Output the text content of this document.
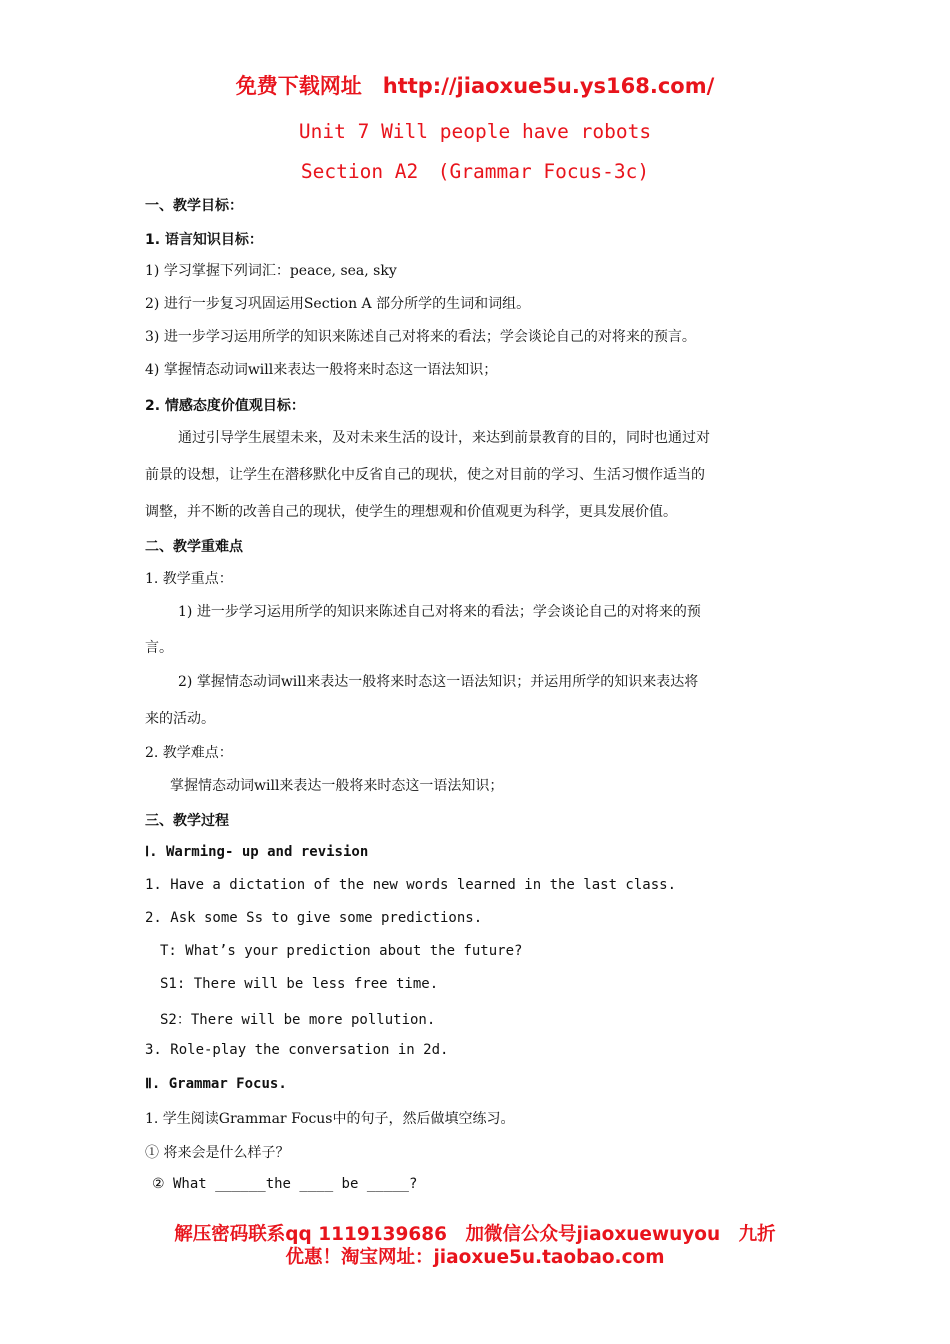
免费下载网址　http://jiaoxue5u.ys168.com/
Unit 7 Will people have robots
Section A2　(Grammar Focus-3c)
一、教学目标：
1. 语言知识目标：
1) 学习掌握下列词汇：peace, sea, sky
2) 进行一步复习巩固运用Section A 部分所学的生词和词组。
3) 进一步学习运用所学的知识来陈述自己对将来的看法；学会谈论自己的对将来的预言。
4) 掌握情态动词will来表达一般将来时态这一语法知识；
2. 情感态度价值观目标：
通过引导学生展望未来，及对未来生活的设计，来达到前景教育的目的，同时也通过对
前景的设想，让学生在潜移默化中反省自己的现状，使之对目前的学习、生活习惯作适当的
调整，并不断的改善自己的现状，使学生的理想观和价值观更为科学，更具发展价值。
二、教学重难点
1. 教学重点：
1) 进一步学习运用所学的知识来陈述自己对将来的看法；学会谈论自己的对将来的预
言。
2) 掌握情态动词will来表达一般将来时态这一语法知识；并运用所学的知识来表达将
来的活动。
2. 教学难点：
掌握情态动词will来表达一般将来时态这一语法知识；
三、教学过程
Ⅰ. Warming- up and revision
1. Have a dictation of the new words learned in the last class.
2. Ask some Ss to give some predictions.
T: What’s your prediction about the future?
S1: There will be less free time.
S2：There will be more pollution.
3. Role-play the conversation in 2d.
Ⅱ. Grammar Focus.
1. 学生阅读Grammar Focus中的句子，然后做填空练习。
① 将来会是什么样子？
② What ______the ____ be _____?
解压密码联系qq 1119139686　加微信公众号jiaoxuewuyou　九折
优惠！淘宝网址：jiaoxue5u.taobao.com
